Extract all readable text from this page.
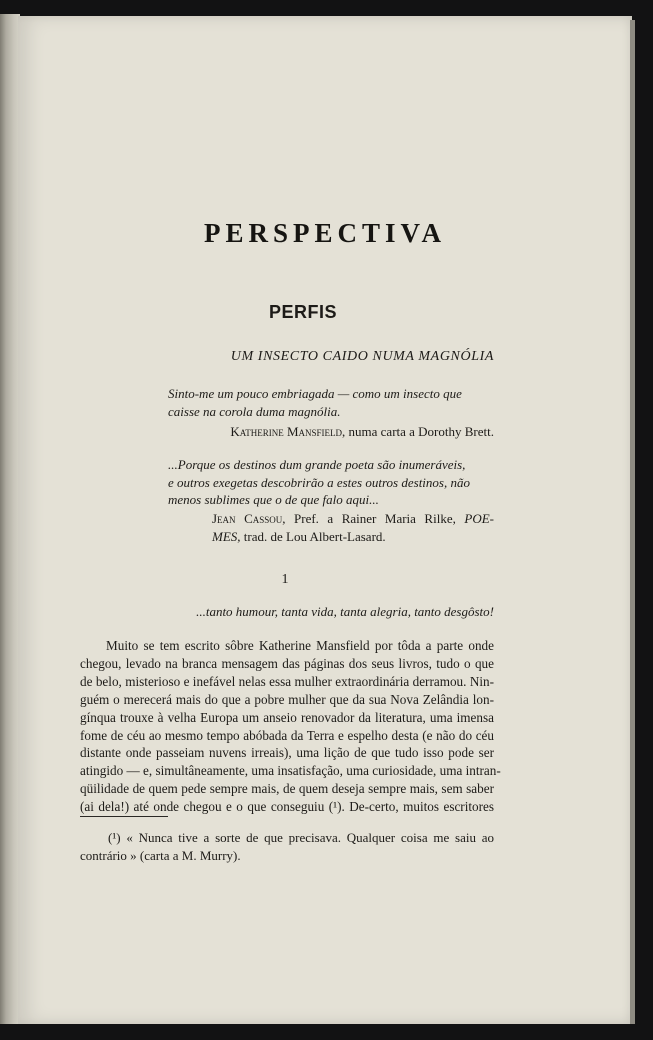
PERSPECTIVA
PERFIS
UM INSECTO CAIDO NUMA MAGNÓLIA
Sinto-me um pouco embriagada — como um insecto que
caisse na corola duma magnólia.
Katherine Mansfield, numa carta a Dorothy Brett.
...Porque os destinos dum grande poeta são inumeráveis,
e outros exegetas descobrirão a estes outros destinos, não
menos sublimes que o de que falo aqui...
Jean Cassou, Pref. a Rainer Maria Rilke, POE-
MES, trad. de Lou Albert-Lasard.
1
...tanto humour, tanta vida, tanta alegria, tanto desgôsto!
Muito se tem escrito sôbre Katherine Mansfield por tôda a parte onde
chegou, levado na branca mensagem das páginas dos seus livros, tudo o que
de belo, misterioso e inefável nelas essa mulher extraordinária derramou. Nin-
guém o merecerá mais do que a pobre mulher que da sua Nova Zelândia lon-
gínqua trouxe à velha Europa um anseio renovador da literatura, uma imensa
fome de céu ao mesmo tempo abóbada da Terra e espelho desta (e não do céu
distante onde passeiam nuvens irreais), uma lição de que tudo isso pode ser
atingido — e, simultâneamente, uma insatisfação, uma curiosidade, uma intran-
qüilidade de quem pede sempre mais, de quem deseja sempre mais, sem saber
(ai dela!) até onde chegou e o que conseguiu (¹). De-certo, muitos escritores
(¹) « Nunca tive a sorte de que precisava. Qualquer coisa me saiu ao
contrário » (carta a M. Murry).
